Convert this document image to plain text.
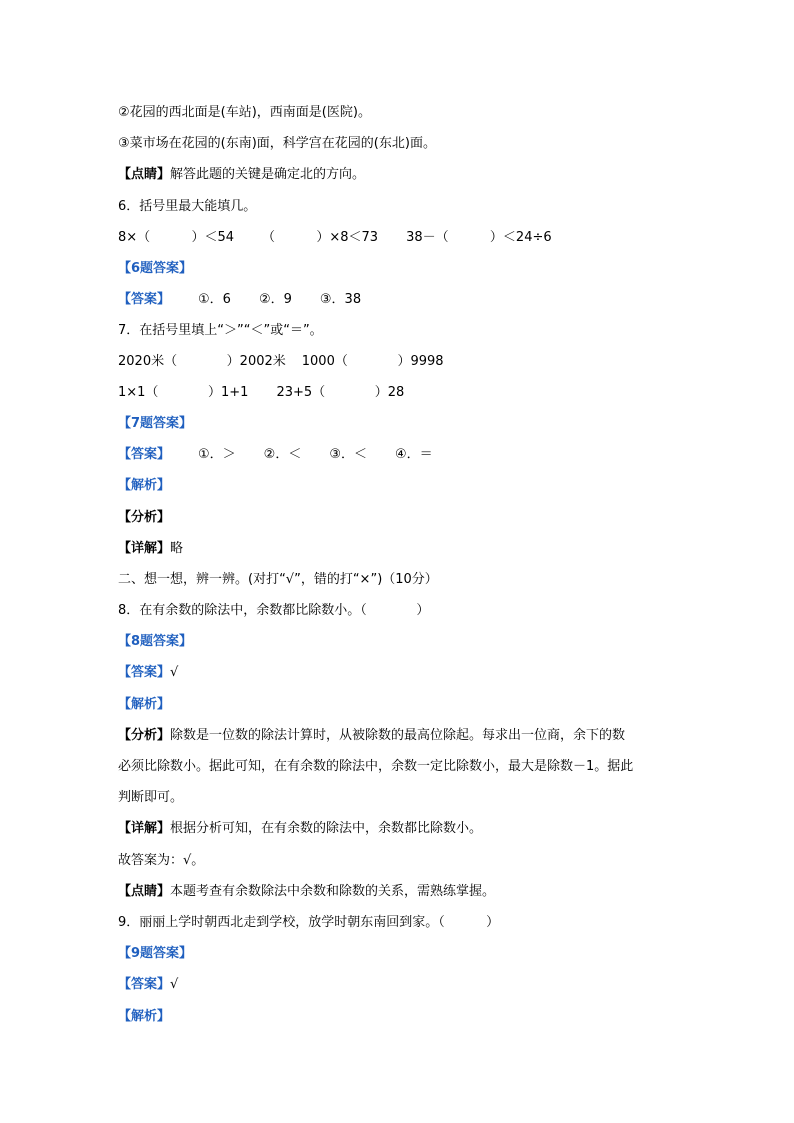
②花园的西北面是(车站)，西南面是(医院)。
③菜市场在花园的(东南)面，科学宫在花园的(东北)面。
【点睛】解答此题的关键是确定北的方向。
6．括号里最大能填几。
8×（          ）＜54 （          ）×8＜73 38－（          ）＜24÷6
【6题答案】
【答案】 ①．6 ②．9 ③．38
7．在括号里填上“＞”“＜”或“＝”。
2020米（            ）2002米 1000（            ）9998
1×1（            ）1+1 23+5（            ）28
【7题答案】
【答案】 ①．＞ ②．＜ ③．＜ ④．＝
【解析】
【分析】
【详解】略
二、想一想，辨一辨。(对打“√”，错的打“×”)（10分）
8．在有余数的除法中，余数都比除数小。（            ）
【8题答案】
【答案】√
【解析】
【分析】除数是一位数的除法计算时，从被除数的最高位除起。每求出一位商，余下的数
必须比除数小。据此可知，在有余数的除法中，余数一定比除数小，最大是除数－1。据此
判断即可。
【详解】根据分析可知，在有余数的除法中，余数都比除数小。
故答案为：√。
【点睛】本题考查有余数除法中余数和除数的关系，需熟练掌握。
9．丽丽上学时朝西北走到学校，放学时朝东南回到家。（          ）
【9题答案】
【答案】√
【解析】
